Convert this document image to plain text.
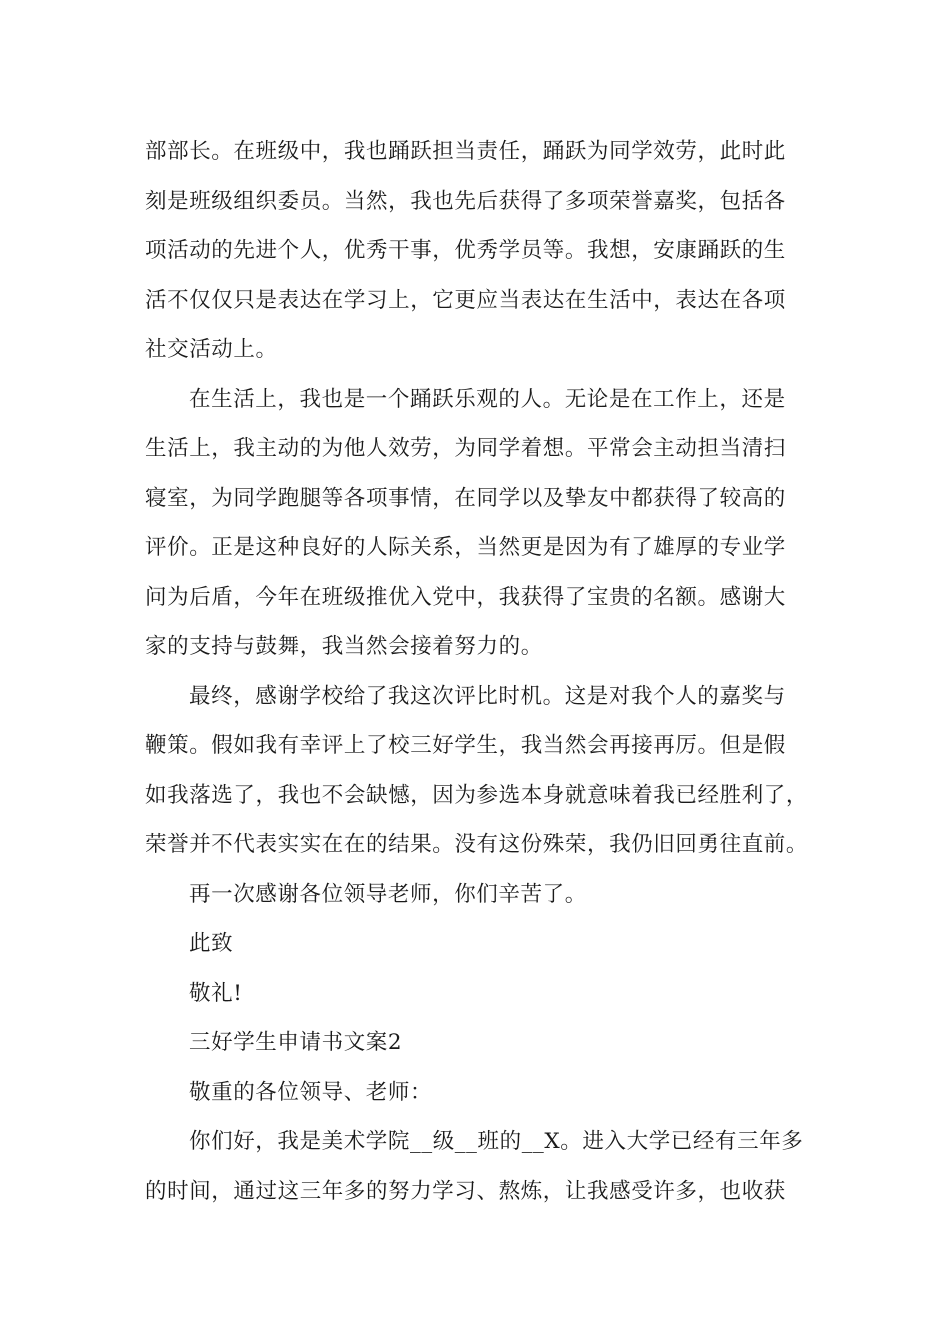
部部长。在班级中，我也踊跃担当责任，踊跃为同学效劳，此时此
刻是班级组织委员。当然，我也先后获得了多项荣誉嘉奖，包括各
项活动的先进个人，优秀干事，优秀学员等。我想，安康踊跃的生
活不仅仅只是表达在学习上，它更应当表达在生活中，表达在各项
社交活动上。
在生活上，我也是一个踊跃乐观的人。无论是在工作上，还是
生活上，我主动的为他人效劳，为同学着想。平常会主动担当清扫
寝室，为同学跑腿等各项事情，在同学以及挚友中都获得了较高的
评价。正是这种良好的人际关系，当然更是因为有了雄厚的专业学
问为后盾，今年在班级推优入党中，我获得了宝贵的名额。感谢大
家的支持与鼓舞，我当然会接着努力的。
最终，感谢学校给了我这次评比时机。这是对我个人的嘉奖与
鞭策。假如我有幸评上了校三好学生，我当然会再接再厉。但是假
如我落选了，我也不会缺憾，因为参选本身就意味着我已经胜利了，
荣誉并不代表实实在在的结果。没有这份殊荣，我仍旧回勇往直前。
再一次感谢各位领导老师，你们辛苦了。
此致
敬礼!
三好学生申请书文案2
敬重的各位领导、老师：
你们好，我是美术学院__级__班的__X。进入大学已经有三年多
的时间，通过这三年多的努力学习、熬炼，让我感受许多，也收获
